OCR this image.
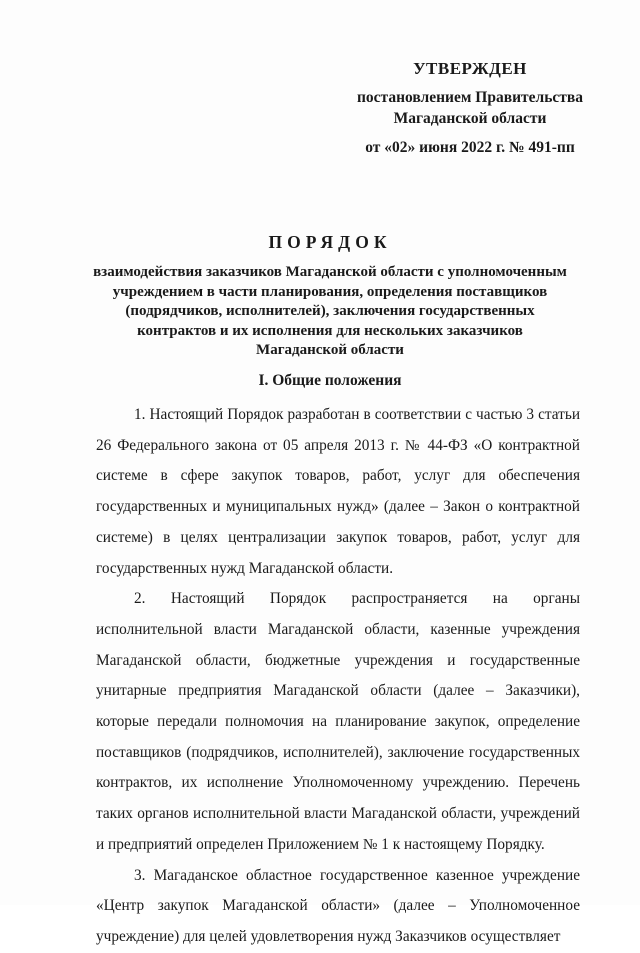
УТВЕРЖДЕН
постановлением Правительства
Магаданской области
от «02» июня 2022 г. № 491-пп
ПОРЯДОК
взаимодействия заказчиков Магаданской области с уполномоченным
учреждением в части планирования, определения поставщиков
(подрядчиков, исполнителей), заключения государственных
контрактов и их исполнения для нескольких заказчиков
Магаданской области
I. Общие положения

1. Настоящий Порядок разработан в соответствии с частью 3 статьи 26 Федерального закона от 05 апреля 2013 г. № 44-ФЗ «О контрактной системе в сфере закупок товаров, работ, услуг для обеспечения государственных и муниципальных нужд» (далее – Закон о контрактной системе) в целях централизации закупок товаров, работ, услуг для государственных нужд Магаданской области.

2. Настоящий Порядок распространяется на органы исполнительной власти Магаданской области, казенные учреждения Магаданской области, бюджетные учреждения и государственные унитарные предприятия Магаданской области (далее – Заказчики), которые передали полномочия на планирование закупок, определение поставщиков (подрядчиков, исполнителей), заключение государственных контрактов, их исполнение Уполномоченному учреждению. Перечень таких органов исполнительной власти Магаданской области, учреждений и предприятий определен Приложением № 1 к настоящему Порядку.

3. Магаданское областное государственное казенное учреждение «Центр закупок Магаданской области» (далее – Уполномоченное учреждение) для целей удовлетворения нужд Заказчиков осуществляет
